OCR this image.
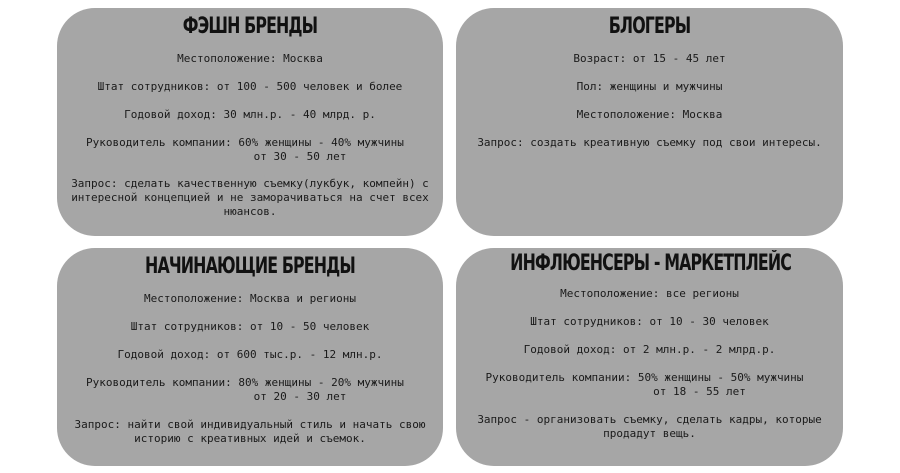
ФЭШН БРЕНДЫ
Местоположение: Москва
Штат сотрудников: от 100 - 500 человек и более
Годовой доход: 30 млн.р. - 40 млрд. р.
Руководитель компании: 60% женщины - 40% мужчины
от 30 - 50 лет
Запрос: сделать качественную съемку(лукбук, компейн) с интересной концепцией и не заморачиваться на счет всех нюансов.
БЛОГЕРЫ
Возраст: от 15 - 45 лет
Пол: женщины и мужчины
Местоположение: Москва
Запрос: создать креативную съемку под свои интересы.
НАЧИНАЮЩИЕ БРЕНДЫ
Местоположение: Москва и регионы
Штат сотрудников: от 10 - 50 человек
Годовой доход: от 600 тыс.р. - 12 млн.р.
Руководитель компании: 80% женщины - 20% мужчины
от 20 - 30 лет
Запрос: найти свой индивидуальный стиль и начать свою историю с креативных идей и съемок.
ИНФЛЮЕНСЕРЫ - МАРКЕТПЛЕЙС
Местоположение: все регионы
Штат сотрудников: от 10 - 30 человек
Годовой доход: от 2 млн.р. - 2 млрд.р.
Руководитель компании: 50% женщины - 50% мужчины
от 18 - 55 лет
Запрос - организовать съемку, сделать кадры, которые продадут вещь.
